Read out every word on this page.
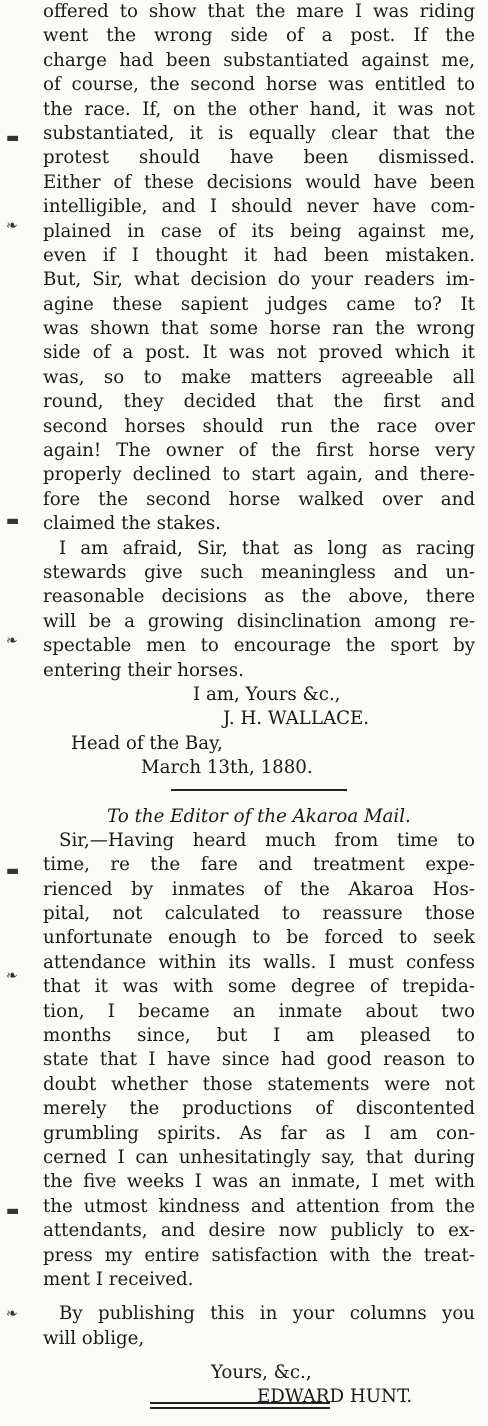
▬
❧
▬
❧
▬
❧
▬
❧
offered to show that the mare I was riding
went the wrong side of a post. If the
charge had been substantiated against me,
of course, the second horse was entitled to
the race. If, on the other hand, it was not
substantiated, it is equally clear that the
protest should have been dismissed.
Either of these decisions would have been
intelligible, and I should never have com-
plained in case of its being against me,
even if I thought it had been mistaken.
But, Sir, what decision do your readers im-
agine these sapient judges came to? It
was shown that some horse ran the wrong
side of a post. It was not proved which it
was, so to make matters agreeable all
round, they decided that the first and
second horses should run the race over
again! The owner of the first horse very
properly declined to start again, and there-
fore the second horse walked over and
claimed the stakes.
I am afraid, Sir, that as long as racing
stewards give such meaningless and un-
reasonable decisions as the above, there
will be a growing disinclination among re-
spectable men to encourage the sport by
entering their horses.
I am, Yours &c.,
J. H. WALLACE.
Head of the Bay,
March 13th, 1880.
To the Editor of the Akaroa Mail.
Sir,—Having heard much from time to
time, re the fare and treatment expe-
rienced by inmates of the Akaroa Hos-
pital, not calculated to reassure those
unfortunate enough to be forced to seek
attendance within its walls. I must confess
that it was with some degree of trepida-
tion, I became an inmate about two
months since, but I am pleased to
state that I have since had good reason to
doubt whether those statements were not
merely the productions of discontented
grumbling spirits. As far as I am con-
cerned I can unhesitatingly say, that during
the five weeks I was an inmate, I met with
the utmost kindness and attention from the
attendants, and desire now publicly to ex-
press my entire satisfaction with the treat-
ment I received.
By publishing this in your columns you
will oblige,
Yours, &c.,
EDWARD HUNT.
